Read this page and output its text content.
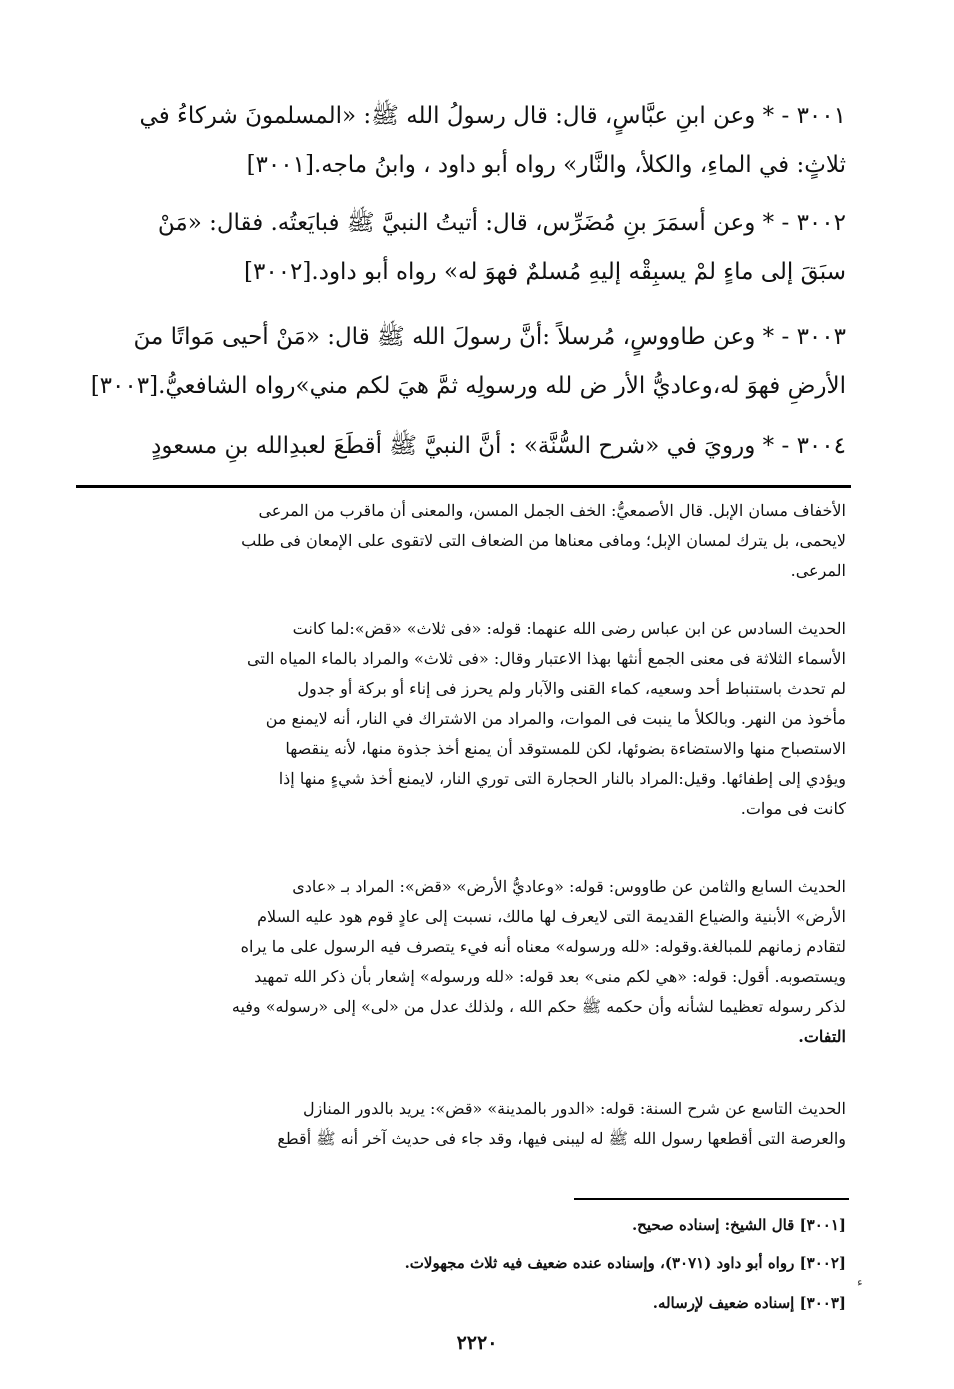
٣٠٠١ - * وعن ابنِ عبَّاسٍ، قال: قال رسولُ الله ﷺ: «المسلمونَ شركاءُ في
ثلاثٍ: في الماءِ، والكلأ، والنَّار» رواه أبو داود ، وابنُ ماجه.[٣٠٠١]
٣٠٠٢ - * وعن أسمَرَ بنِ مُضَرِّس، قال: أتيتُ النبيَّ ﷺ فبايَعتُه. فقال: «مَنْ
سبَقَ إلى ماءٍ لمْ يسبِقْه إليهِ مُسلمٌ فهوَ له» رواه أبو داود.[٣٠٠٢]
٣٠٠٣ - * وعن طاووسٍ، مُرسلاً :أنَّ رسولَ الله ﷺ قال: «مَنْ أحيى مَواتًا منَ
الأرضِ فهوَ له،وعاديُّ الأر ض لله ورسولِه ثمَّ هيَ لكم مني»رواه الشافعيُّ.[٣٠٠٣]
٣٠٠٤ - * ورويَ في «شرح السُّنَّة» : أنَّ النبيَّ ﷺ أقطَعَ لعبدِالله بنِ مسعودٍ
الأخفاف مسان الإبل. قال الأصمعيُّ: الخف الجمل المسن، والمعنى أن ماقرب من المرعى
لايحمى، بل يترك لمسان الإبل؛ ومافى معناها من الضعاف التى لاتقوى على الإمعان فى طلب
المرعى.
الحديث السادس عن ابن عباس رضى الله عنهما: قوله: «فى ثلاث» «قض»:لما كانت
الأسماء الثلاثة فى معنى الجمع أنثها بهذا الاعتبار وقال: «فى ثلاث» والمراد بالماء المياه التى
لم تحدث باستنباط أحد وسعيه، كماء القنى والآبار ولم يحرز فى إناء أو بركة أو جدول
مأخوذ من النهر. وبالكلأ ما ينبت فى الموات، والمراد من الاشتراك في النار، أنه لايمنع من
الاستصباح منها والاستضاءة بضوئها، لكن للمستوقد أن يمنع أخذ جذوة منها، لأنه ينقصها
ويؤدي إلى إطفائها. وقيل:المراد بالنار الحجارة التى توري النار، لايمنع أخذ شيءٍ منها إذا
كانت فى موات.
الحديث السابع والثامن عن طاووس: قوله: «وعاديُّ الأرض» «قض»: المراد بـ «عادى
الأرض» الأبنية والضياع القديمة التى لايعرف لها مالك، نسبت إلى عادٍ قوم هود عليه السلام
لتقادم زمانهم للمبالغة.وقوله: «لله ورسوله» معناه أنه فيء يتصرف فيه الرسول على ما يراه
ويستصوبه. أقول: قوله: «هي لكم منى» بعد قوله: «لله ورسوله» إشعار بأن ذكر الله تمهيد
لذكر رسوله تعظيما لشأنه وأن حكمه ﷺ حكم الله ، ولذلك عدل من «لى» إلى «رسوله» وفيه
التفات.
الحديث التاسع عن شرح السنة: قوله: «الدور بالمدينة» «قض»: يريد بالدور المنازل
والعرصة التى أقطعها رسول الله ﷺ له ليبنى فيها، وقد جاء فى حديث آخر أنه ﷺ أقطع
[٣٠٠١] قال الشيخ: إسناده صحيح.
[٣٠٠٢] رواه أبو داود (٣٠٧١)، وإسناده عنده ضعيف فيه ثلاث مجهولات.
[٣٠٠٣] إسناده ضعيف لإرساله.
ء
٢٢٢٠
